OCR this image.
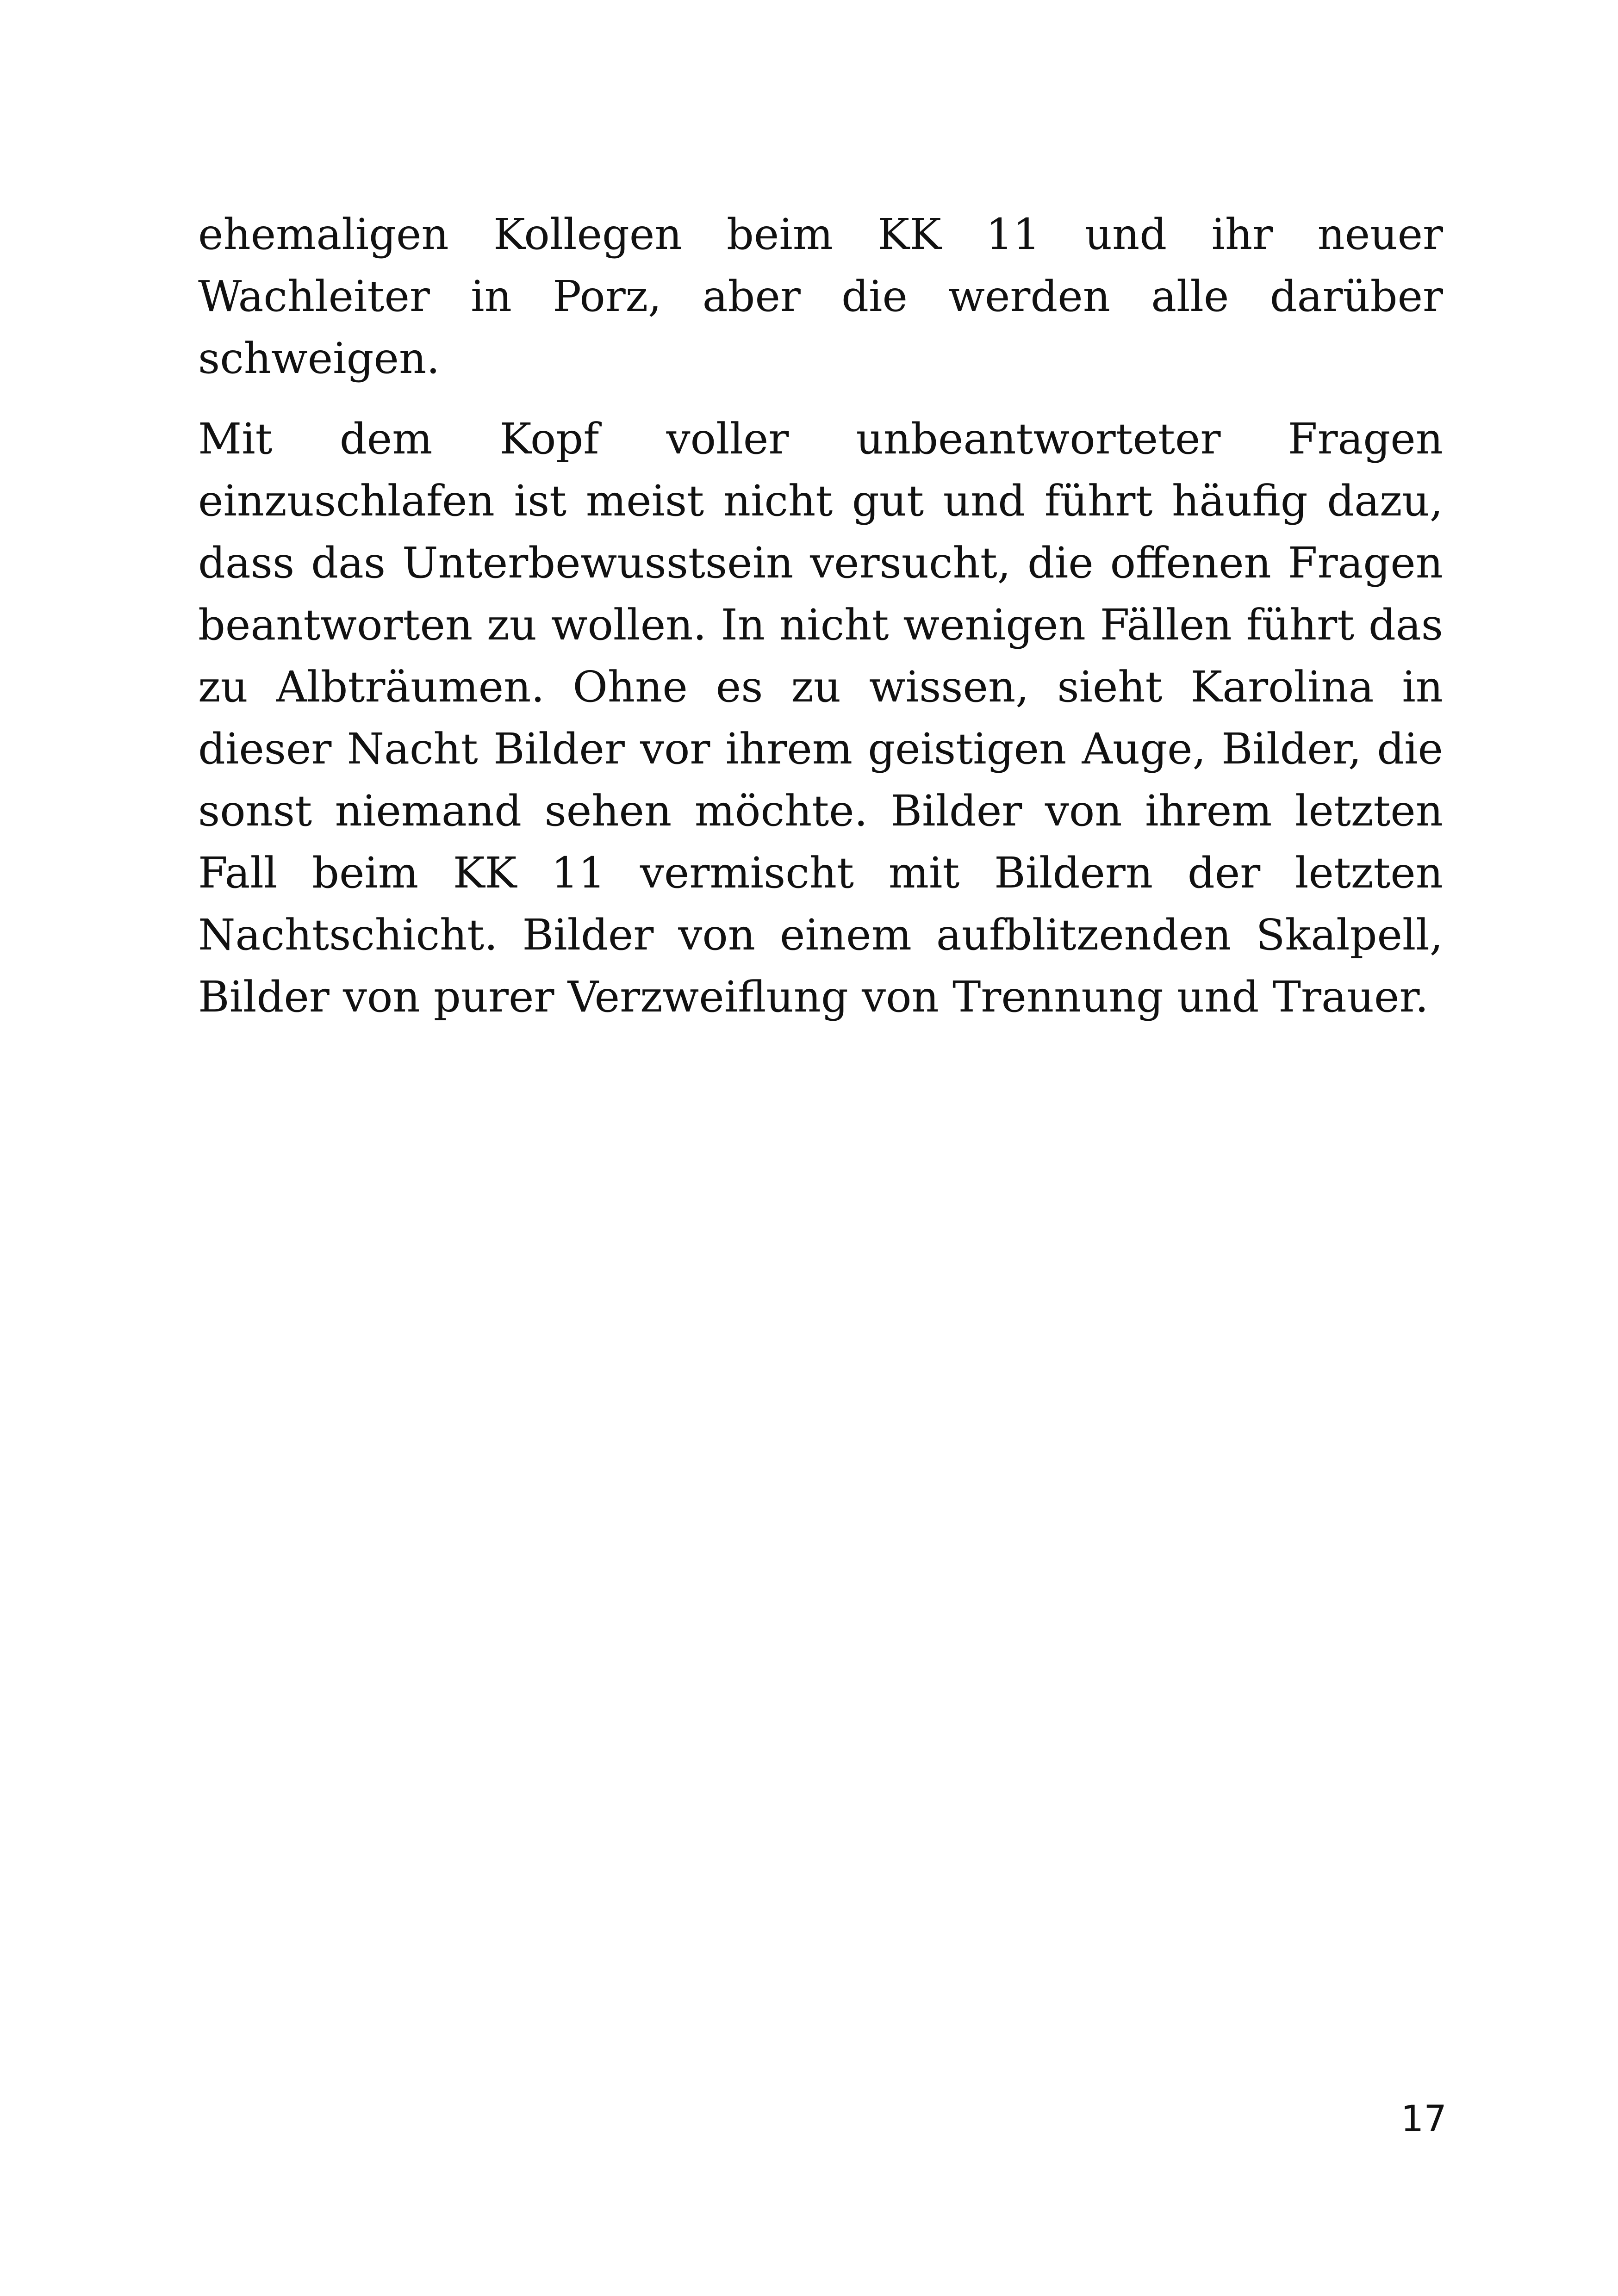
ehemaligen Kollegen beim KK 11 und ihr neuer Wachleiter in Porz, aber die werden alle darüber schweigen.

Mit dem Kopf voller unbeantworteter Fragen einzuschlafen ist meist nicht gut und führt häufig dazu, dass das Unterbewusstsein versucht, die offenen Fragen beantworten zu wollen. In nicht wenigen Fällen führt das zu Albträumen. Ohne es zu wissen, sieht Karolina in dieser Nacht Bilder vor ihrem geistigen Auge, Bilder, die sonst niemand sehen möchte. Bilder von ihrem letzten Fall beim KK 11 vermischt mit Bildern der letzten Nachtschicht. Bilder von einem aufblitzenden Skalpell, Bilder von purer Verzweiflung von Trennung und Trauer.

17
